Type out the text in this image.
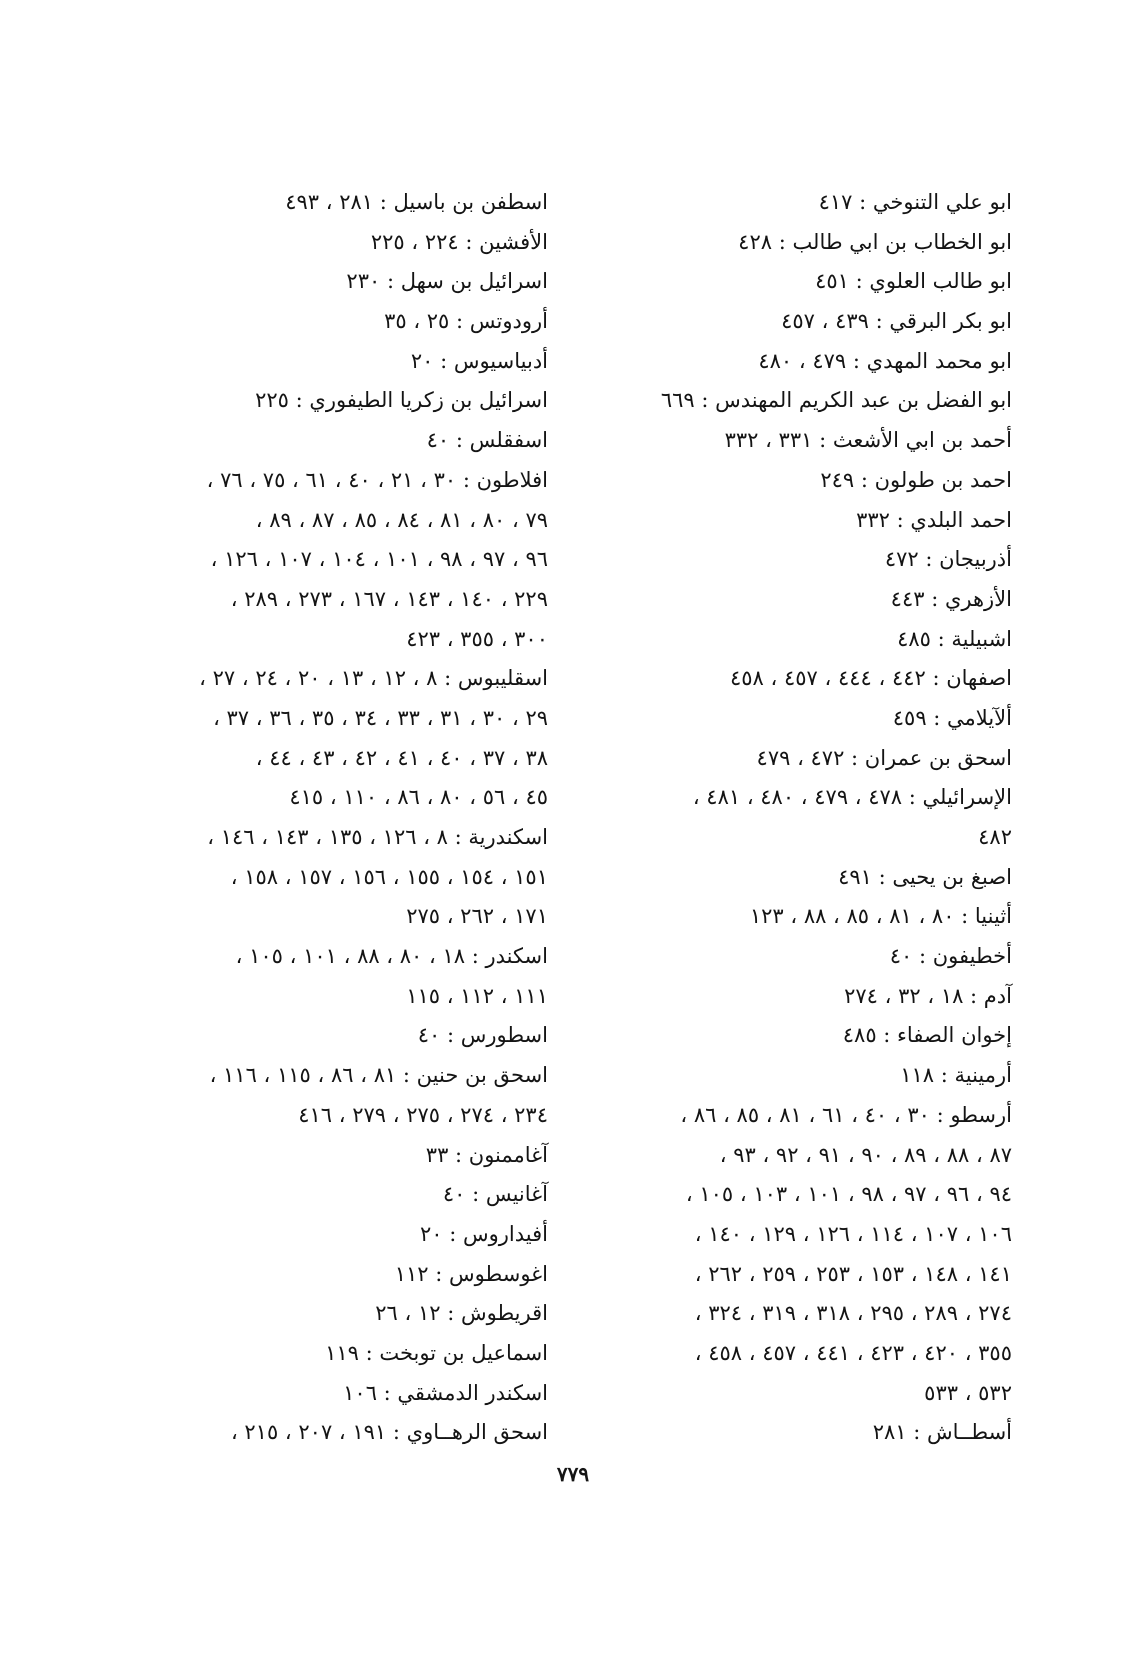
ابو علي التنوخي : ٤١٧
ابو الخطاب بن ابي طالب : ٤٢٨
ابو طالب العلوي : ٤٥١
ابو بكر البرقي : ٤٣٩ ، ٤٥٧
ابو محمد المهدي : ٤٧٩ ، ٤٨٠
ابو الفضل بن عبد الكريم المهندس : ٦٦٩
أحمد بن ابي الأشعث : ٣٣١ ، ٣٣٢
احمد بن طولون : ٢٤٩
احمد البلدي : ٣٣٢
أذربيجان : ٤٧٢
الأزهري : ٤٤٣
اشبيلية : ٤٨٥
اصفهان : ٤٤٢ ، ٤٤٤ ، ٤٥٧ ، ٤٥٨
ألآيلامي : ٤٥٩
اسحق بن عمران : ٤٧٢ ، ٤٧٩
الإسرائيلي : ٤٧٨ ، ٤٧٩ ، ٤٨٠ ، ٤٨١ ،
٤٨٢
اصبغ بن يحيى : ٤٩١
أثينيا : ٨٠ ، ٨١ ، ٨٥ ، ٨٨ ، ١٢٣
أخطيفون : ٤٠
آدم : ١٨ ، ٣٢ ، ٢٧٤
إخوان الصفاء : ٤٨٥
أرمينية : ١١٨
أرسطو : ٣٠ ، ٤٠ ، ٦١ ، ٨١ ، ٨٥ ، ٨٦ ،
٨٧ ، ٨٨ ، ٨٩ ، ٩٠ ، ٩١ ، ٩٢ ، ٩٣ ،
٩٤ ، ٩٦ ، ٩٧ ، ٩٨ ، ١٠١ ، ١٠٣ ، ١٠٥ ،
١٠٦ ، ١٠٧ ، ١١٤ ، ١٢٦ ، ١٢٩ ، ١٤٠ ،
١٤١ ، ١٤٨ ، ١٥٣ ، ٢٥٣ ، ٢٥٩ ، ٢٦٢ ،
٢٧٤ ، ٢٨٩ ، ٢٩٥ ، ٣١٨ ، ٣١٩ ، ٣٢٤ ،
٣٥٥ ، ٤٢٠ ، ٤٢٣ ، ٤٤١ ، ٤٥٧ ، ٤٥٨ ،
٥٣٢ ، ٥٣٣
أسطــاش : ٢٨١
اسطفن بن باسيل : ٢٨١ ، ٤٩٣
الأفشين : ٢٢٤ ، ٢٢٥
اسرائيل بن سهل : ٢٣٠
أرودوتس : ٢٥ ، ٣٥
أدبياسيوس : ٢٠
اسرائيل بن زكريا الطيفوري : ٢٢٥
اسفقلس : ٤٠
افلاطون : ٣٠ ، ٢١ ، ٤٠ ، ٦١ ، ٧٥ ، ٧٦ ،
٧٩ ، ٨٠ ، ٨١ ، ٨٤ ، ٨٥ ، ٨٧ ، ٨٩ ،
٩٦ ، ٩٧ ، ٩٨ ، ١٠١ ، ١٠٤ ، ١٠٧ ، ١٢٦ ،
٢٢٩ ، ١٤٠ ، ١٤٣ ، ١٦٧ ، ٢٧٣ ، ٢٨٩ ،
٣٠٠ ، ٣٥٥ ، ٤٢٣
اسقليبوس : ٨ ، ١٢ ، ١٣ ، ٢٠ ، ٢٤ ، ٢٧ ،
٢٩ ، ٣٠ ، ٣١ ، ٣٣ ، ٣٤ ، ٣٥ ، ٣٦ ، ٣٧ ،
٣٨ ، ٣٧ ، ٤٠ ، ٤١ ، ٤٢ ، ٤٣ ، ٤٤ ،
٤٥ ، ٥٦ ، ٨٠ ، ٨٦ ، ١١٠ ، ٤١٥
اسكندرية : ٨ ، ١٢٦ ، ١٣٥ ، ١٤٣ ، ١٤٦ ،
١٥١ ، ١٥٤ ، ١٥٥ ، ١٥٦ ، ١٥٧ ، ١٥٨ ،
١٧١ ، ٢٦٢ ، ٢٧٥
اسكندر : ١٨ ، ٨٠ ، ٨٨ ، ١٠١ ، ١٠٥ ،
١١١ ، ١١٢ ، ١١٥
اسطورس : ٤٠
اسحق بن حنين : ٨١ ، ٨٦ ، ١١٥ ، ١١٦ ،
٢٣٤ ، ٢٧٤ ، ٢٧٥ ، ٢٧٩ ، ٤١٦
آغاممنون : ٣٣
آغانيس : ٤٠
أفيداروس : ٢٠
اغوسطوس : ١١٢
اقريطوش : ١٢ ، ٢٦
اسماعيل بن توبخت : ١١٩
اسكندر الدمشقي : ١٠٦
اسحق الرهــاوي : ١٩١ ، ٢٠٧ ، ٢١٥ ،
٧٧٩
